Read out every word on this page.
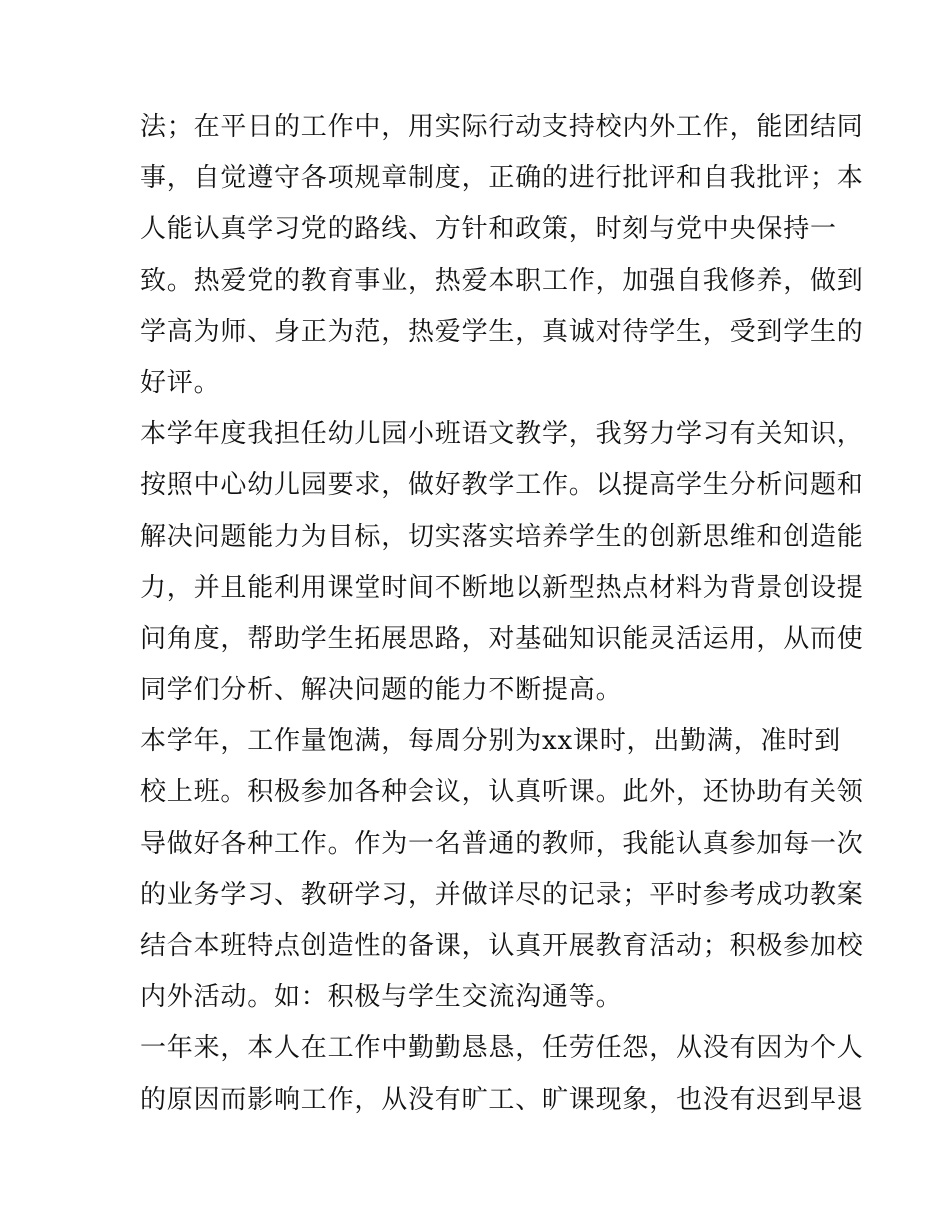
法；在平日的工作中，用实际行动支持校内外工作，能团结同
事，自觉遵守各项规章制度，正确的进行批评和自我批评；本
人能认真学习党的路线、方针和政策，时刻与党中央保持一
致。热爱党的教育事业，热爱本职工作，加强自我修养，做到
学高为师、身正为范，热爱学生，真诚对待学生，受到学生的
好评。
本学年度我担任幼儿园小班语文教学，我努力学习有关知识，
按照中心幼儿园要求，做好教学工作。以提高学生分析问题和
解决问题能力为目标，切实落实培养学生的创新思维和创造能
力，并且能利用课堂时间不断地以新型热点材料为背景创设提
问角度，帮助学生拓展思路，对基础知识能灵活运用，从而使
同学们分析、解决问题的能力不断提高。
本学年，工作量饱满，每周分别为xx课时，出勤满，准时到
校上班。积极参加各种会议，认真听课。此外，还协助有关领
导做好各种工作。作为一名普通的教师，我能认真参加每一次
的业务学习、教研学习，并做详尽的记录；平时参考成功教案
结合本班特点创造性的备课，认真开展教育活动；积极参加校
内外活动。如：积极与学生交流沟通等。
一年来，本人在工作中勤勤恳恳，任劳任怨，从没有因为个人
的原因而影响工作，从没有旷工、旷课现象，也没有迟到早退
